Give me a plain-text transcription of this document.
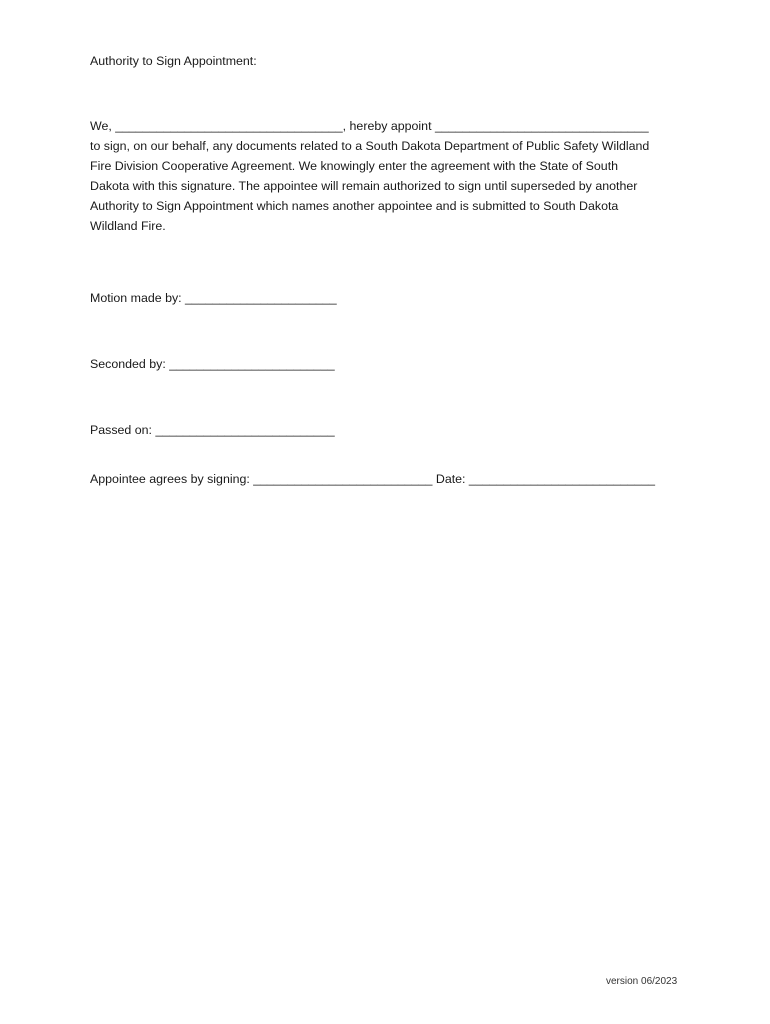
Authority to Sign Appointment:
We, _________________________________, hereby appoint _______________________________
to sign, on our behalf, any documents related to a South Dakota Department of Public Safety Wildland
Fire Division Cooperative Agreement. We knowingly enter the agreement with the State of South
Dakota with this signature. The appointee will remain authorized to sign until superseded by another
Authority to Sign Appointment which names another appointee and is submitted to South Dakota
Wildland Fire.
Motion made by: ______________________
Seconded by: ________________________
Passed on: __________________________
Appointee agrees by signing: __________________________ Date: ___________________________
version 06/2023
